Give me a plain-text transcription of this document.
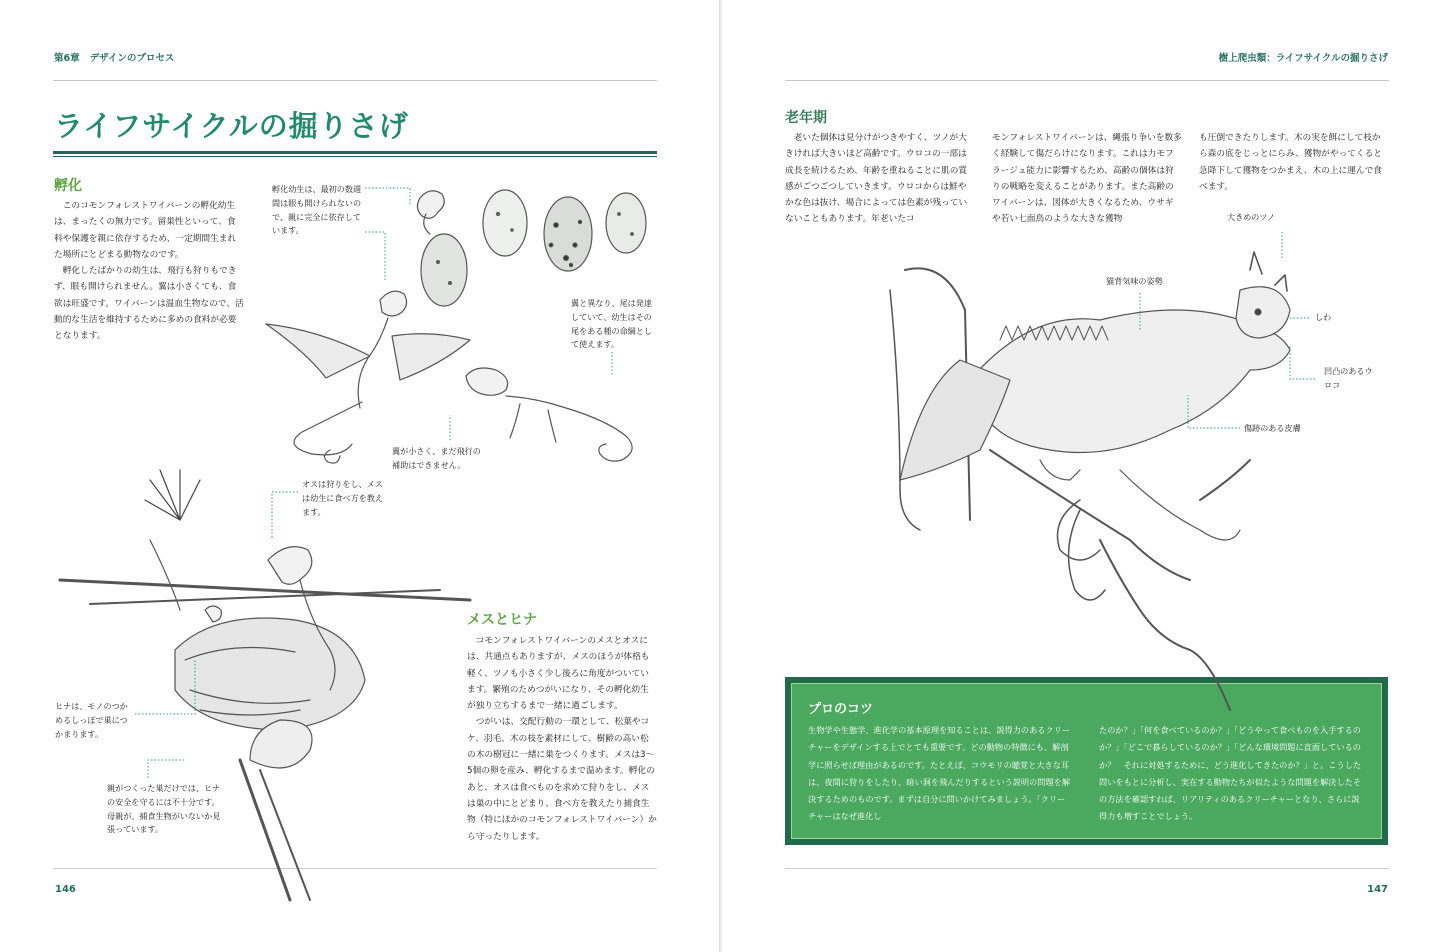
第6章 デザインのプロセス
ライフサイクルの掘りさげ
孵化

このコモンフォレストワイバーンの孵化幼生は、まったくの無力です。留巣性といって、食料や保護を親に依存するため、一定期間生まれた場所にとどまる動物なのです。

孵化したばかりの幼生は、飛行も狩りもできず、眼も開けられません。翼は小さくても、食欲は旺盛です。ワイバーンは温血生物なので、活動的な生活を維持するために多めの食料が必要となります。

孵化幼生は、最初の数週間は眼も開けられないので、親に完全に依存しています。
翼と異なり、尾は発達していて、幼生はその尾をある種の命綱として使えます。
翼が小さく、まだ飛行の補助はできません。
オスは狩りをし、メスは幼生に食べ方を教えます。
ヒナは、モノのつかめるしっぽで巣につかまります。
親がつくった巣だけでは、ヒナの安全を守るには不十分です。母親が、捕食生物がいないか見張っています。
メスとヒナ

コモンフォレストワイバーンのメスとオスには、共通点もありますが、メスのほうが体格も軽く、ツノも小さく少し後ろに角度がついています。繁殖のためつがいになり、その孵化幼生が独り立ちするまで一緒に過ごします。

つがいは、交配行動の一環として、松葉やコケ、羽毛、木の枝を素材にして、樹齢の高い松の木の樹冠に一緒に巣をつくります。メスは3～5個の卵を産み、孵化するまで温めます。孵化のあと、オスは食べものを求めて狩りをし、メスは巣の中にとどまり、食べ方を教えたり捕食生物（特にほかのコモンフォレストワイバーン）から守ったりします。

146
樹上爬虫類：ライフサイクルの掘りさげ
老年期

老いた個体は見分けがつきやすく、ツノが大きければ大きいほど高齢です。ウロコの一部は成長を続けるため、年齢を重ねることに肌の質感がごつごつしていきます。ウロコからは鮮やかな色は抜け、場合によっては色素が残っていないこともあります。年老いたコ

モンフォレストワイバーンは、縄張り争いを数多く経験して傷だらけになります。これは力モフラージュ能力に影響するため、高齢の個体は狩りの戦略を変えることがあります。また高齢のワイバーンは、図体が大きくなるため、ウサギや若い七面鳥のような大きな獲物

も圧倒できたりします。木の実を餌にして枝から森の底をじっとにらみ、獲物がやってくると急降下して獲物をつかまえ、木の上に運んで食べます。

大きめのツノ
猫背気味の姿勢
しわ
凹凸のあるウロコ
傷跡のある皮膚
147
プロのコツ
生物学や生態学、進化学の基本原理を知ることは、説得力のあるクリーチャーをデザインする上でとても重要です。どの動物の特徴にも、解剖学に照らせば理由があるのです。たとえば、コウモリの聴覚と大きな耳は、夜間に狩りをしたり、暗い洞を飛んだりするという説明の問題を解決するためのものです。まずは自分に問いかけてみましょう。「クリーチャーはなぜ進化し
たのか？」「何を食べているのか？」「どうやって食べものを入手するのか？」「どこで暮らしているのか？」「どんな環境問題に直面しているのか？　それに対処するために、どう進化してきたのか？」と。こうした問いをもとに分析し、実在する動物たちが似たような問題を解決したその方法を確認すれば、リアリティのあるクリーチャーとなり、さらに説得力も増すことでしょう。
